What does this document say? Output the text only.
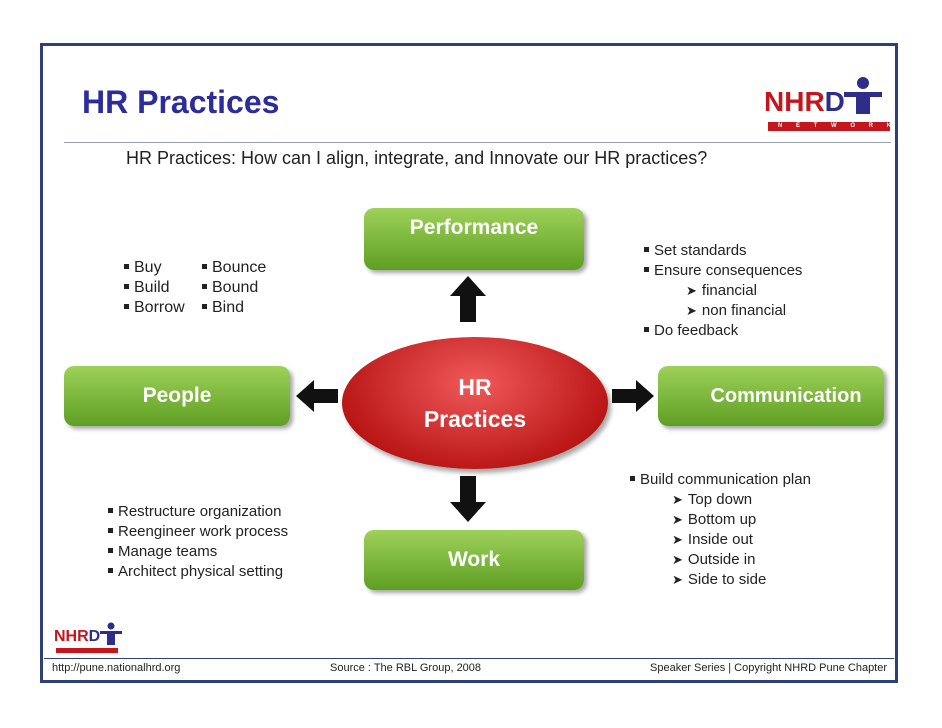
HR Practices	NHRD
N E T W O R K
HR Practices: How can I align, integrate, and Innovate our HR practices?
Performance
People	Communication
Work
HR
Practices
Buy
Build
Borrow
Bounce
Bound
Bind
Set standards
Ensure consequences
➤ financial
➤ non financial
Do feedback
Restructure organization
Reengineer work process
Manage teams
Architect physical setting
Build communication plan
➤ Top down
➤ Bottom up
➤ Inside out
➤ Outside in
➤ Side to side
NHRD
http://pune.nationalhrd.org	Source : The RBL Group, 2008	Speaker Series | Copyright NHRD Pune Chapter
